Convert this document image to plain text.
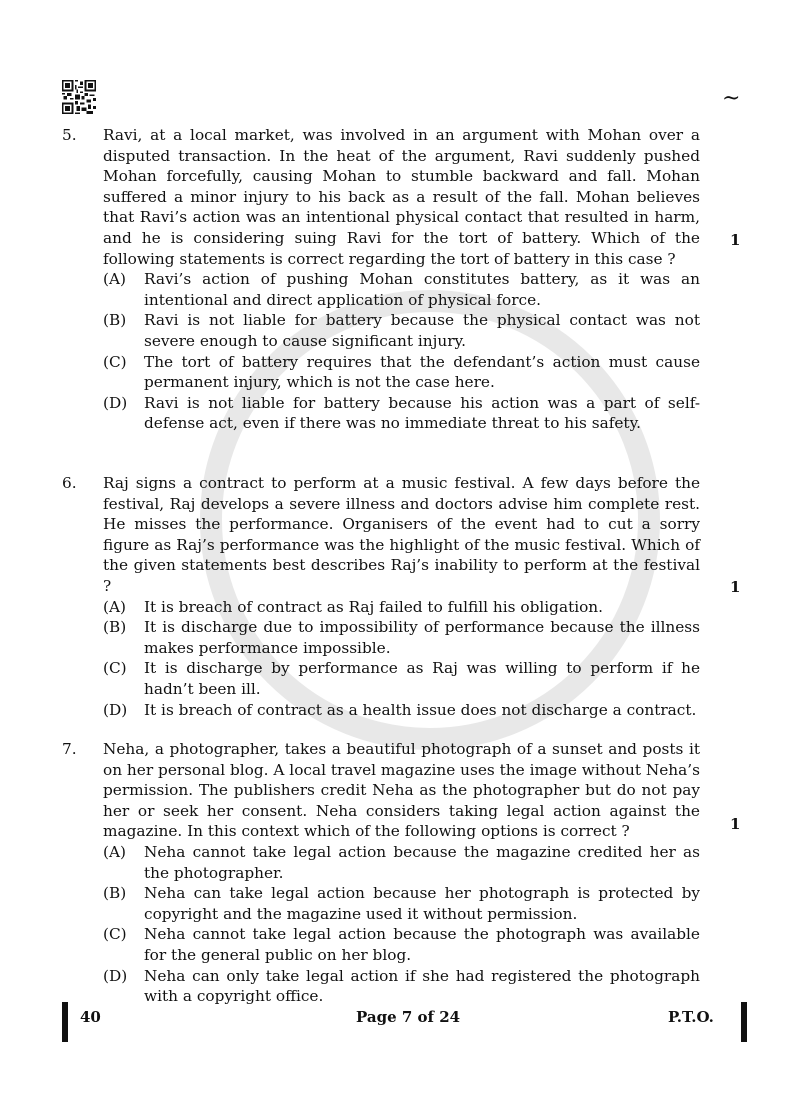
~
5. Ravi, at a local market, was involved in an argument with Mohan over a disputed transaction. In the heat of the argument, Ravi suddenly pushed Mohan forcefully, causing Mohan to stumble backward and fall. Mohan suffered a minor injury to his back as a result of the fall. Mohan believes that Ravi’s action was an intentional physical contact that resulted in harm, and he is considering suing Ravi for the tort of battery. Which of the following statements is correct regarding the tort of battery in this case ?

(A)	Ravi’s action of pushing Mohan constitutes battery, as it was an intentional and direct application of physical force.
(B)	Ravi is not liable for battery because the physical contact was not severe enough to cause significant injury.
(C)	The tort of battery requires that the defendant’s action must cause permanent injury, which is not the case here.
(D)	Ravi is not liable for battery because his action was a part of self-defense act, even if there was no immediate threat to his safety.
1
6. Raj signs a contract to perform at a music festival. A few days before the festival, Raj develops a severe illness and doctors advise him complete rest. He misses the performance. Organisers of the event had to cut a sorry figure as Raj’s performance was the highlight of the music festival. Which of the given statements best describes Raj’s inability to perform at the festival ?

(A)	It is breach of contract as Raj failed to fulfill his obligation.
(B)	It is discharge due to impossibility of performance because the illness makes performance impossible.
(C)	It is discharge by performance as Raj was willing to perform if he hadn’t been ill.
(D)	It is breach of contract as a health issue does not discharge a contract.
1
7. Neha, a photographer, takes a beautiful photograph of a sunset and posts it on her personal blog. A local travel magazine uses the image without Neha’s permission. The publishers credit Neha as the photographer but do not pay her or seek her consent. Neha considers taking legal action against the magazine. In this context which of the following options is correct ?

(A)	Neha cannot take legal action because the magazine credited her as the photographer.
(B)	Neha can take legal action because her photograph is protected by copyright and the magazine used it without permission.
(C)	Neha cannot take legal action because the photograph was available for the general public on her blog.
(D)	Neha can only take legal action if she had registered the photograph with a copyright office.
1
40	Page 7 of 24	P.T.O.
